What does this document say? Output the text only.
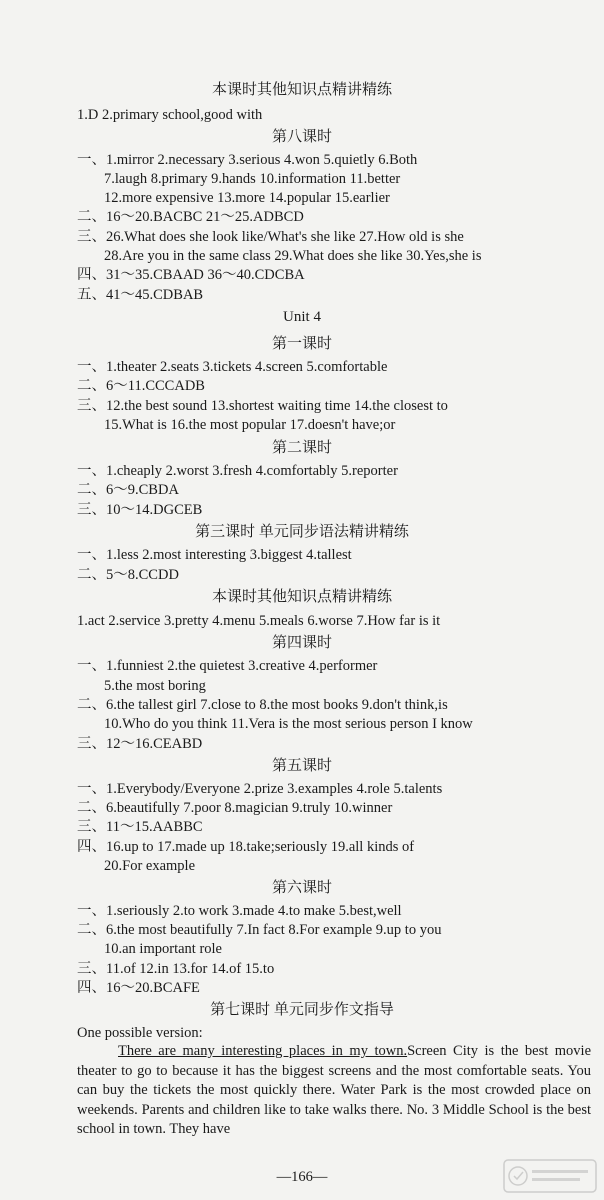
本课时其他知识点精讲精练
1.D 2.primary school,good with
第八课时
一、1.mirror 2.necessary 3.serious 4.won 5.quietly 6.Both
7.laugh 8.primary 9.hands 10.information 11.better
12.more expensive 13.more 14.popular 15.earlier
二、16～20.BACBC 21～25.ADBCD
三、26.What does she look like/What's she like 27.How old is she
28.Are you in the same class 29.What does she like 30.Yes,she is
四、31～35.CBAAD 36～40.CDCBA
五、41～45.CDBAB
Unit 4
第一课时
一、1.theater 2.seats 3.tickets 4.screen 5.comfortable
二、6～11.CCCADB
三、12.the best sound 13.shortest waiting time 14.the closest to
15.What is 16.the most popular 17.doesn't have;or
第二课时
一、1.cheaply 2.worst 3.fresh 4.comfortably 5.reporter
二、6～9.CBDA
三、10～14.DGCEB
第三课时 单元同步语法精讲精练
一、1.less 2.most interesting 3.biggest 4.tallest
二、5～8.CCDD
本课时其他知识点精讲精练
1.act 2.service 3.pretty 4.menu 5.meals 6.worse 7.How far is it
第四课时
一、1.funniest 2.the quietest 3.creative 4.performer
5.the most boring
二、6.the tallest girl 7.close to 8.the most books 9.don't think,is
10.Who do you think 11.Vera is the most serious person I know
三、12～16.CEABD
第五课时
一、1.Everybody/Everyone 2.prize 3.examples 4.role 5.talents
二、6.beautifully 7.poor 8.magician 9.truly 10.winner
三、11～15.AABBC
四、16.up to 17.made up 18.take;seriously 19.all kinds of
20.For example
第六课时
一、1.seriously 2.to work 3.made 4.to make 5.best,well
二、6.the most beautifully 7.In fact 8.For example 9.up to you
10.an important role
三、11.of 12.in 13.for 14.of 15.to
四、16～20.BCAFE
第七课时 单元同步作文指导
One possible version:

There are many interesting places in my town.Screen City is the best movie theater to go to because it has the biggest screens and the most comfortable seats. You can buy the tickets the most quickly there. Water Park is the most crowded place on weekends. Parents and children like to take walks there. No. 3 Middle School is the best school in town. They have

—166—
